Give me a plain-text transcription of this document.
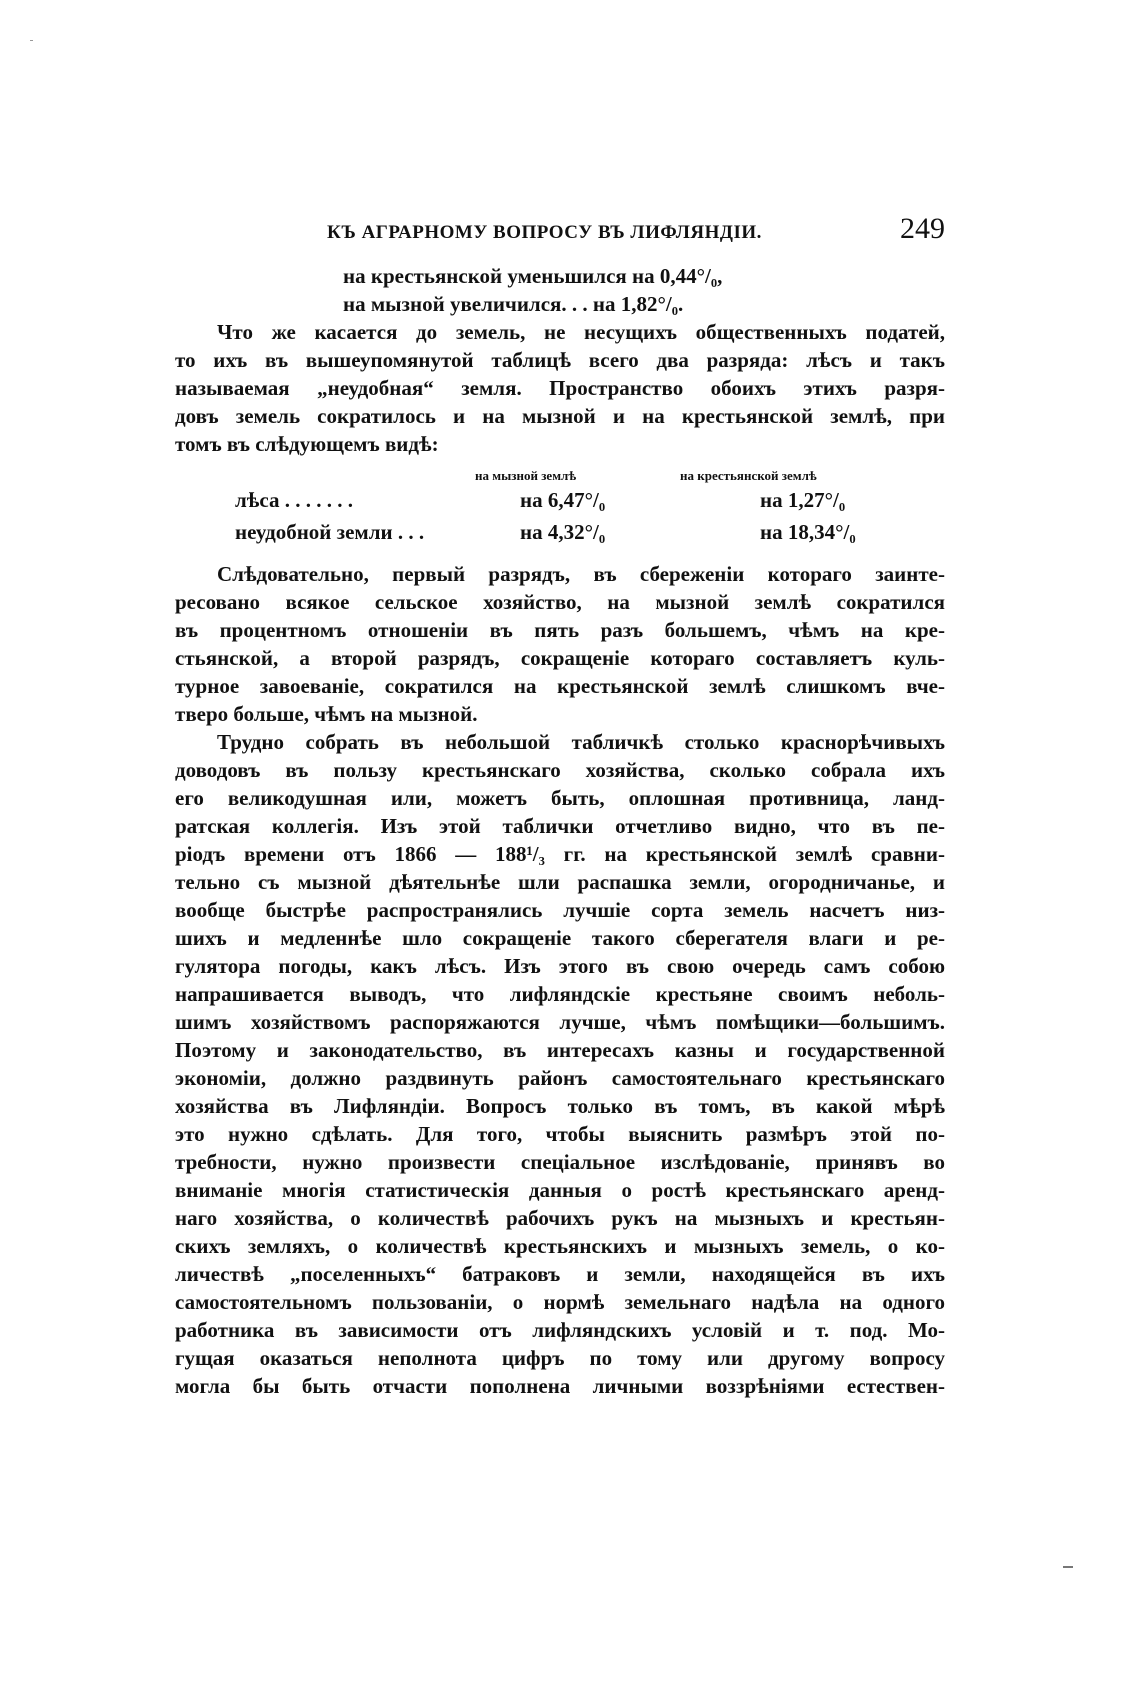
КЪ АГРАРНОМУ ВОПРОСУ ВЪ ЛИФЛЯНДІИ.	249
на крестьянской уменьшился на 0,44°/₀,
на мызной увеличился. . . на 1,82°/₀.
Что же касается до земель, не несущихъ общественныхъ податей,
то ихъ въ вышеупомянутой таблицѣ всего два разряда: лѣсъ и такъ
называемая „неудобная“ земля. Пространство обоихъ этихъ разря-
довъ земель сократилось и на мызной и на крестьянской землѣ, при
томъ въ слѣдующемъ видѣ:
на мызной землѣ	на крестьянской землѣ
лѣса . . . . . . .	на 6,47°/₀	на 1,27°/₀
неудобной земли . . .	на 4,32°/₀	на 18,34°/₀
Слѣдовательно, первый разрядъ, въ сбереженіи котораго заинте-
ресовано всякое сельское хозяйство, на мызной землѣ сократился
въ процентномъ отношеніи въ пять разъ большемъ, чѣмъ на кре-
стьянской, а второй разрядъ, сокращеніе котораго составляетъ куль-
турное завоеваніе, сократился на крестьянской землѣ слишкомъ вче-
тверо больше, чѣмъ на мызной.
Трудно собрать въ небольшой табличкѣ столько краснорѣчивыхъ
доводовъ въ пользу крестьянскаго хозяйства, сколько собрала ихъ
его великодушная или, можетъ быть, оплошная противница, ланд-
ратская коллегія. Изъ этой таблички отчетливо видно, что въ пе-
ріодъ времени отъ 1866 — 188¹/₃ гг. на крестьянской землѣ сравни-
тельно съ мызной дѣятельнѣе шли распашка земли, огородничанье, и
вообще быстрѣе распространялись лучшіе сорта земель насчетъ низ-
шихъ и медленнѣе шло сокращеніе такого сберегателя влаги и ре-
гулятора погоды, какъ лѣсъ. Изъ этого въ свою очередь самъ собою
напрашивается выводъ, что лифляндскіе крестьяне своимъ неболь-
шимъ хозяйствомъ распоряжаются лучше, чѣмъ помѣщики—большимъ.
Поэтому и законодательство, въ интересахъ казны и государственной
экономіи, должно раздвинуть районъ самостоятельнаго крестьянскаго
хозяйства въ Лифляндіи. Вопросъ только въ томъ, въ какой мѣрѣ
это нужно сдѣлать. Для того, чтобы выяснить размѣръ этой по-
требности, нужно произвести спеціальное изслѣдованіе, принявъ во
вниманіе многія статистическія данныя о ростѣ крестьянскаго аренд-
наго хозяйства, о количествѣ рабочихъ рукъ на мызныхъ и крестьян-
скихъ земляхъ, о количествѣ крестьянскихъ и мызныхъ земель, о ко-
личествѣ „поселенныхъ“ батраковъ и земли, находящейся въ ихъ
самостоятельномъ пользованіи, о нормѣ земельнаго надѣла на одного
работника въ зависимости отъ лифляндскихъ условій и т. под. Мо-
гущая оказаться неполнота цифръ по тому или другому вопросу
могла бы быть отчасти пополнена личными воззрѣніями естествен-
